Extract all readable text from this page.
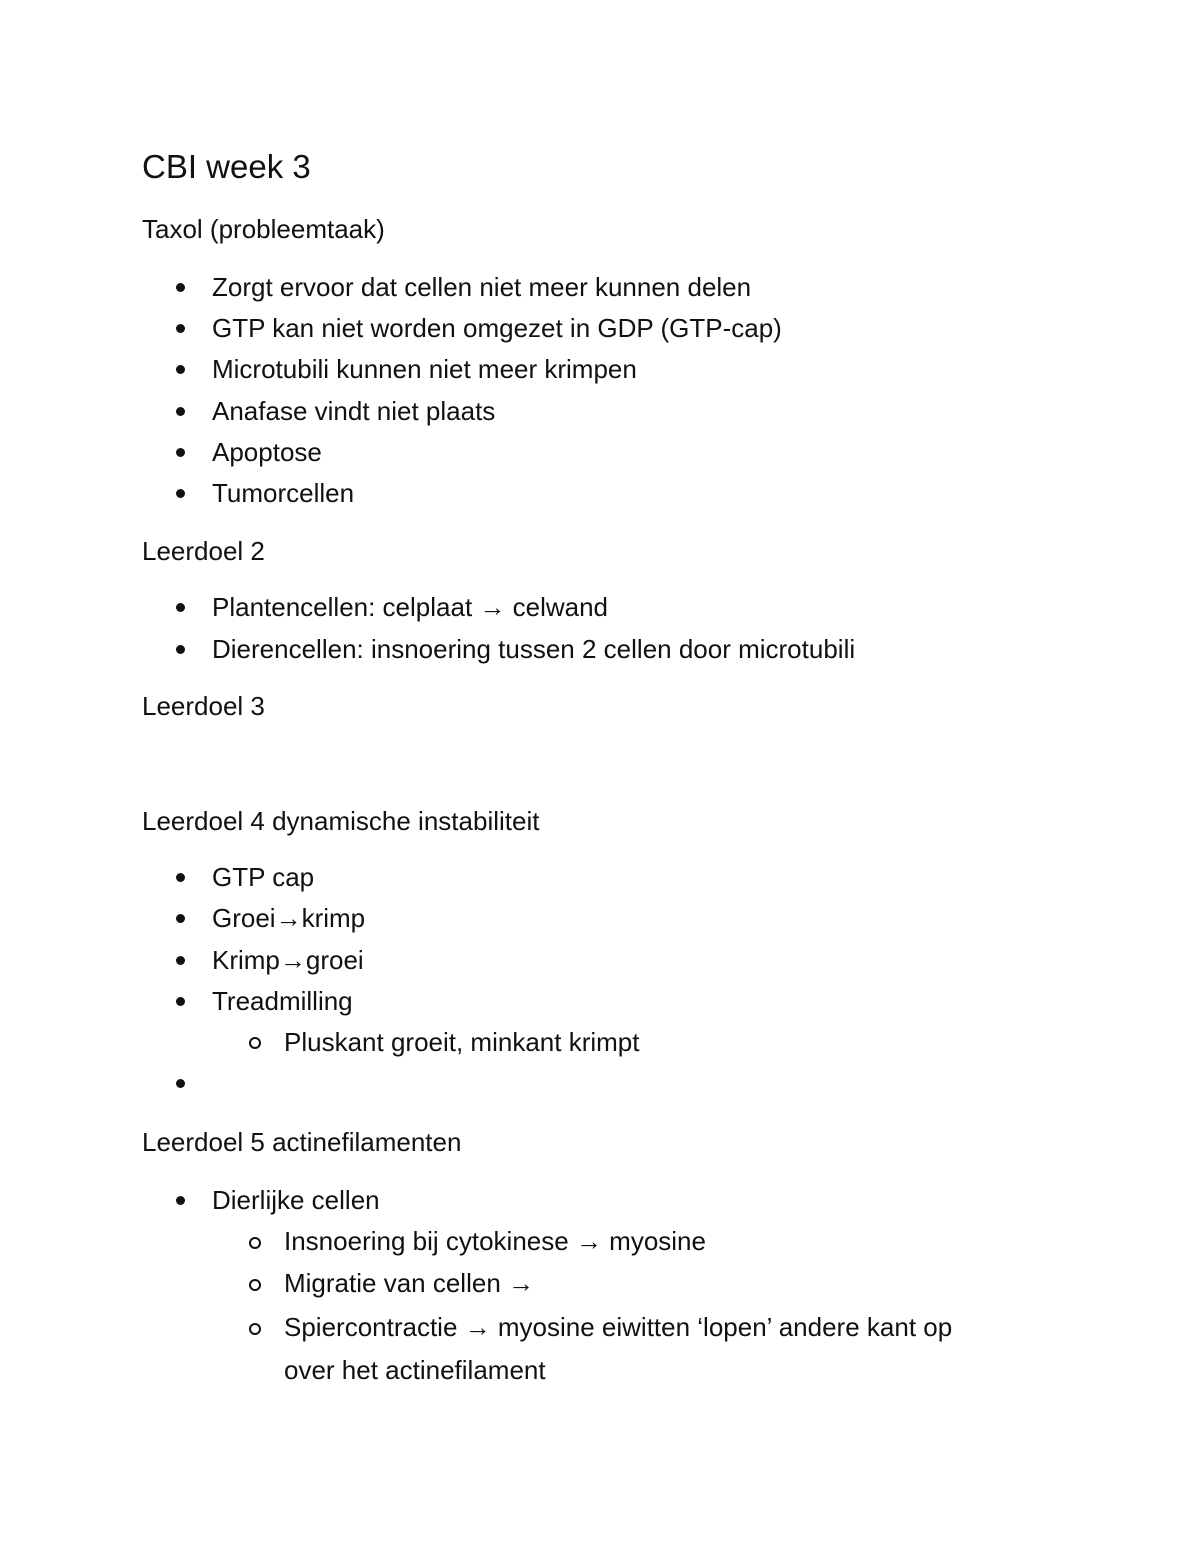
CBI week 3
Taxol (probleemtaak)
Zorgt ervoor dat cellen niet meer kunnen delen
GTP kan niet worden omgezet in GDP (GTP-cap)
Microtubili kunnen niet meer krimpen
Anafase vindt niet plaats
Apoptose
Tumorcellen
Leerdoel 2
Plantencellen: celplaat → celwand
Dierencellen: insnoering tussen 2 cellen door microtubili
Leerdoel 3
Leerdoel 4 dynamische instabiliteit
GTP cap
Groei→krimp
Krimp→groei
Treadmilling
Pluskant groeit, minkant krimpt
Leerdoel 5 actinefilamenten
Dierlijke cellen
Insnoering bij cytokinese → myosine
Migratie van cellen →
Spiercontractie → myosine eiwitten ‘lopen’ andere kant op
over het actinefilament
